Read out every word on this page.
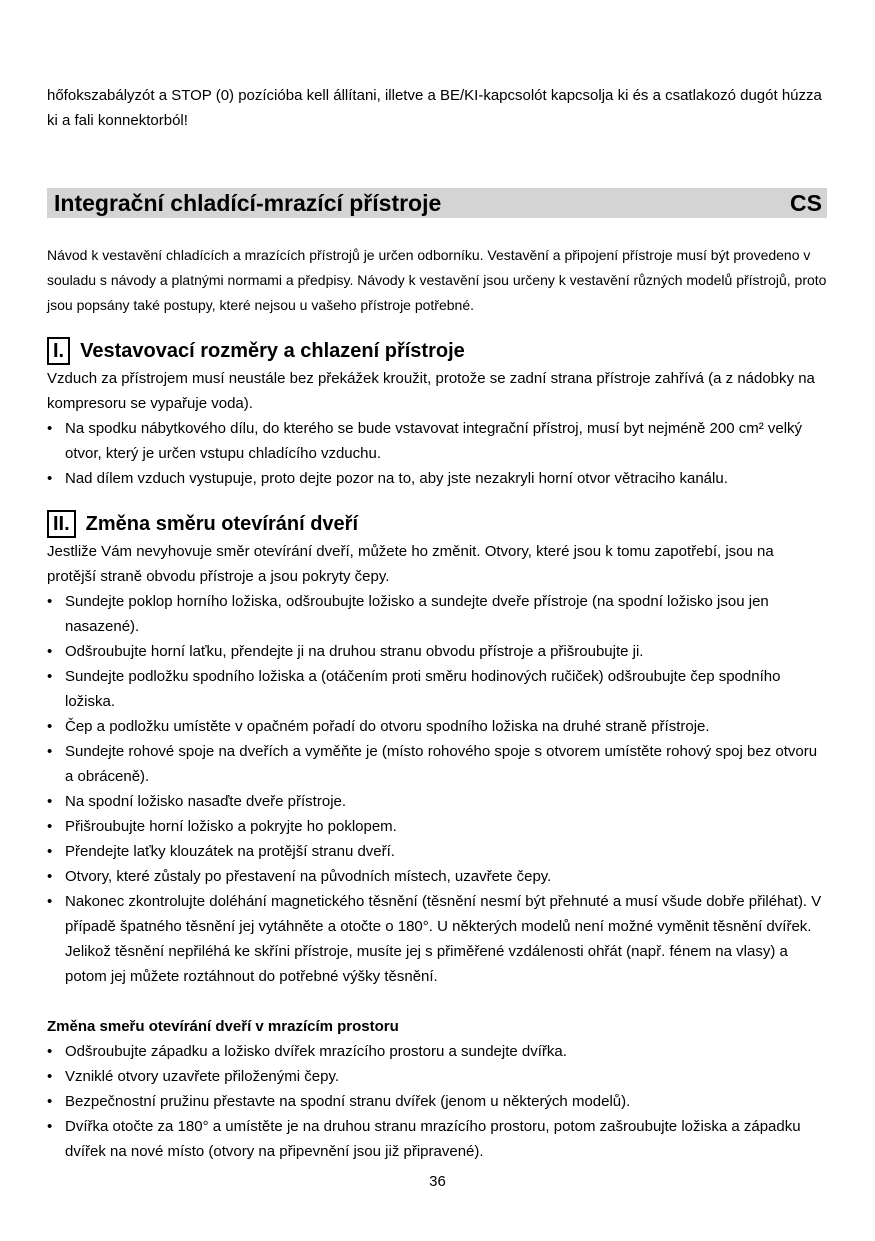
hőfokszabályzót a STOP (0) pozícióba kell állítani, illetve a BE/KI-kapcsolót kapcsolja ki és a csatlakozó dugót húzza ki a fali konnektorból!

Integrační chladící-mrazící přístroje	CS

Návod k vestavění chladících a mrazících přístrojů je určen odborníku. Vestavění a připojení přístroje musí být provedeno v souladu s návody a platnými normami a předpisy. Návody k vestavění jsou určeny k vestavění různých modelů přístrojů, proto jsou popsány také postupy, které nejsou u vašeho přístroje potřebné.

I. Vestavovací rozměry a chlazení přístroje

Vzduch za přístrojem musí neustále bez překážek kroužit, protože se zadní strana přístroje zahřívá (a z nádobky na kompresoru se vypařuje voda).

• Na spodku nábytkového dílu, do kterého se bude vstavovat integrační přístroj, musí byt nejméně 200 cm² velký otvor, který je určen vstupu chladícího vzduchu.
• Nad dílem vzduch vystupuje, proto dejte pozor na to, aby jste nezakryli horní otvor větraciho kanálu.
II. Změna směru otevírání dveří

Jestliže Vám nevyhovuje směr otevírání dveří, můžete ho změnit. Otvory, které jsou k tomu zapotřebí, jsou na protější straně obvodu přístroje a jsou pokryty čepy.

• Sundejte poklop horního ložiska, odšroubujte ložisko a sundejte dveře přístroje (na spodní ložisko jsou jen nasazené).
• Odšroubujte horní laťku, přendejte ji na druhou stranu obvodu přístroje a přišroubujte ji.
• Sundejte podložku spodního ložiska a (otáčením proti směru hodinových ručiček) odšroubujte čep spodního ložiska.
• Čep a podložku umístěte v opačném pořadí do otvoru spodního ložiska na druhé straně přístroje.
• Sundejte rohové spoje na dveřích a vyměňte je (místo rohového spoje s otvorem umístěte rohový spoj bez otvoru a obráceně).
• Na spodní ložisko nasaďte dveře přístroje.
• Přišroubujte horní ložisko a pokryjte ho poklopem.
• Přendejte laťky klouzátek na protější stranu dveří.
• Otvory, které zůstaly po přestavení na původních místech, uzavřete čepy.
• Nakonec zkontrolujte doléhání magnetického těsnění (těsnění nesmí být přehnuté a musí všude dobře přiléhat). V případě špatného těsnění jej vytáhněte a otočte o 180°. U některých modelů není možné vyměnit těsnění dvířek. Jelikož těsnění nepřiléhá ke skříni přístroje, musíte jej s přiměřené vzdálenosti ohřát (např. fénem na vlasy) a potom jej můžete roztáhnout do potřebné výšky těsnění.

Změna smeřu otevírání dveří v mrazícím prostoru

• Odšroubujte západku a ložisko dvířek mrazícího prostoru a sundejte dvířka.
• Vzniklé otvory uzavřete přiloženými čepy.
• Bezpečnostní pružinu přestavte na spodní stranu dvířek (jenom u některých modelů).
• Dvířka otočte za 180° a umístěte je na druhou stranu mrazícího prostoru, potom zašroubujte ložiska a západku dvířek na nové místo (otvory na připevnění jsou již připravené).
36
